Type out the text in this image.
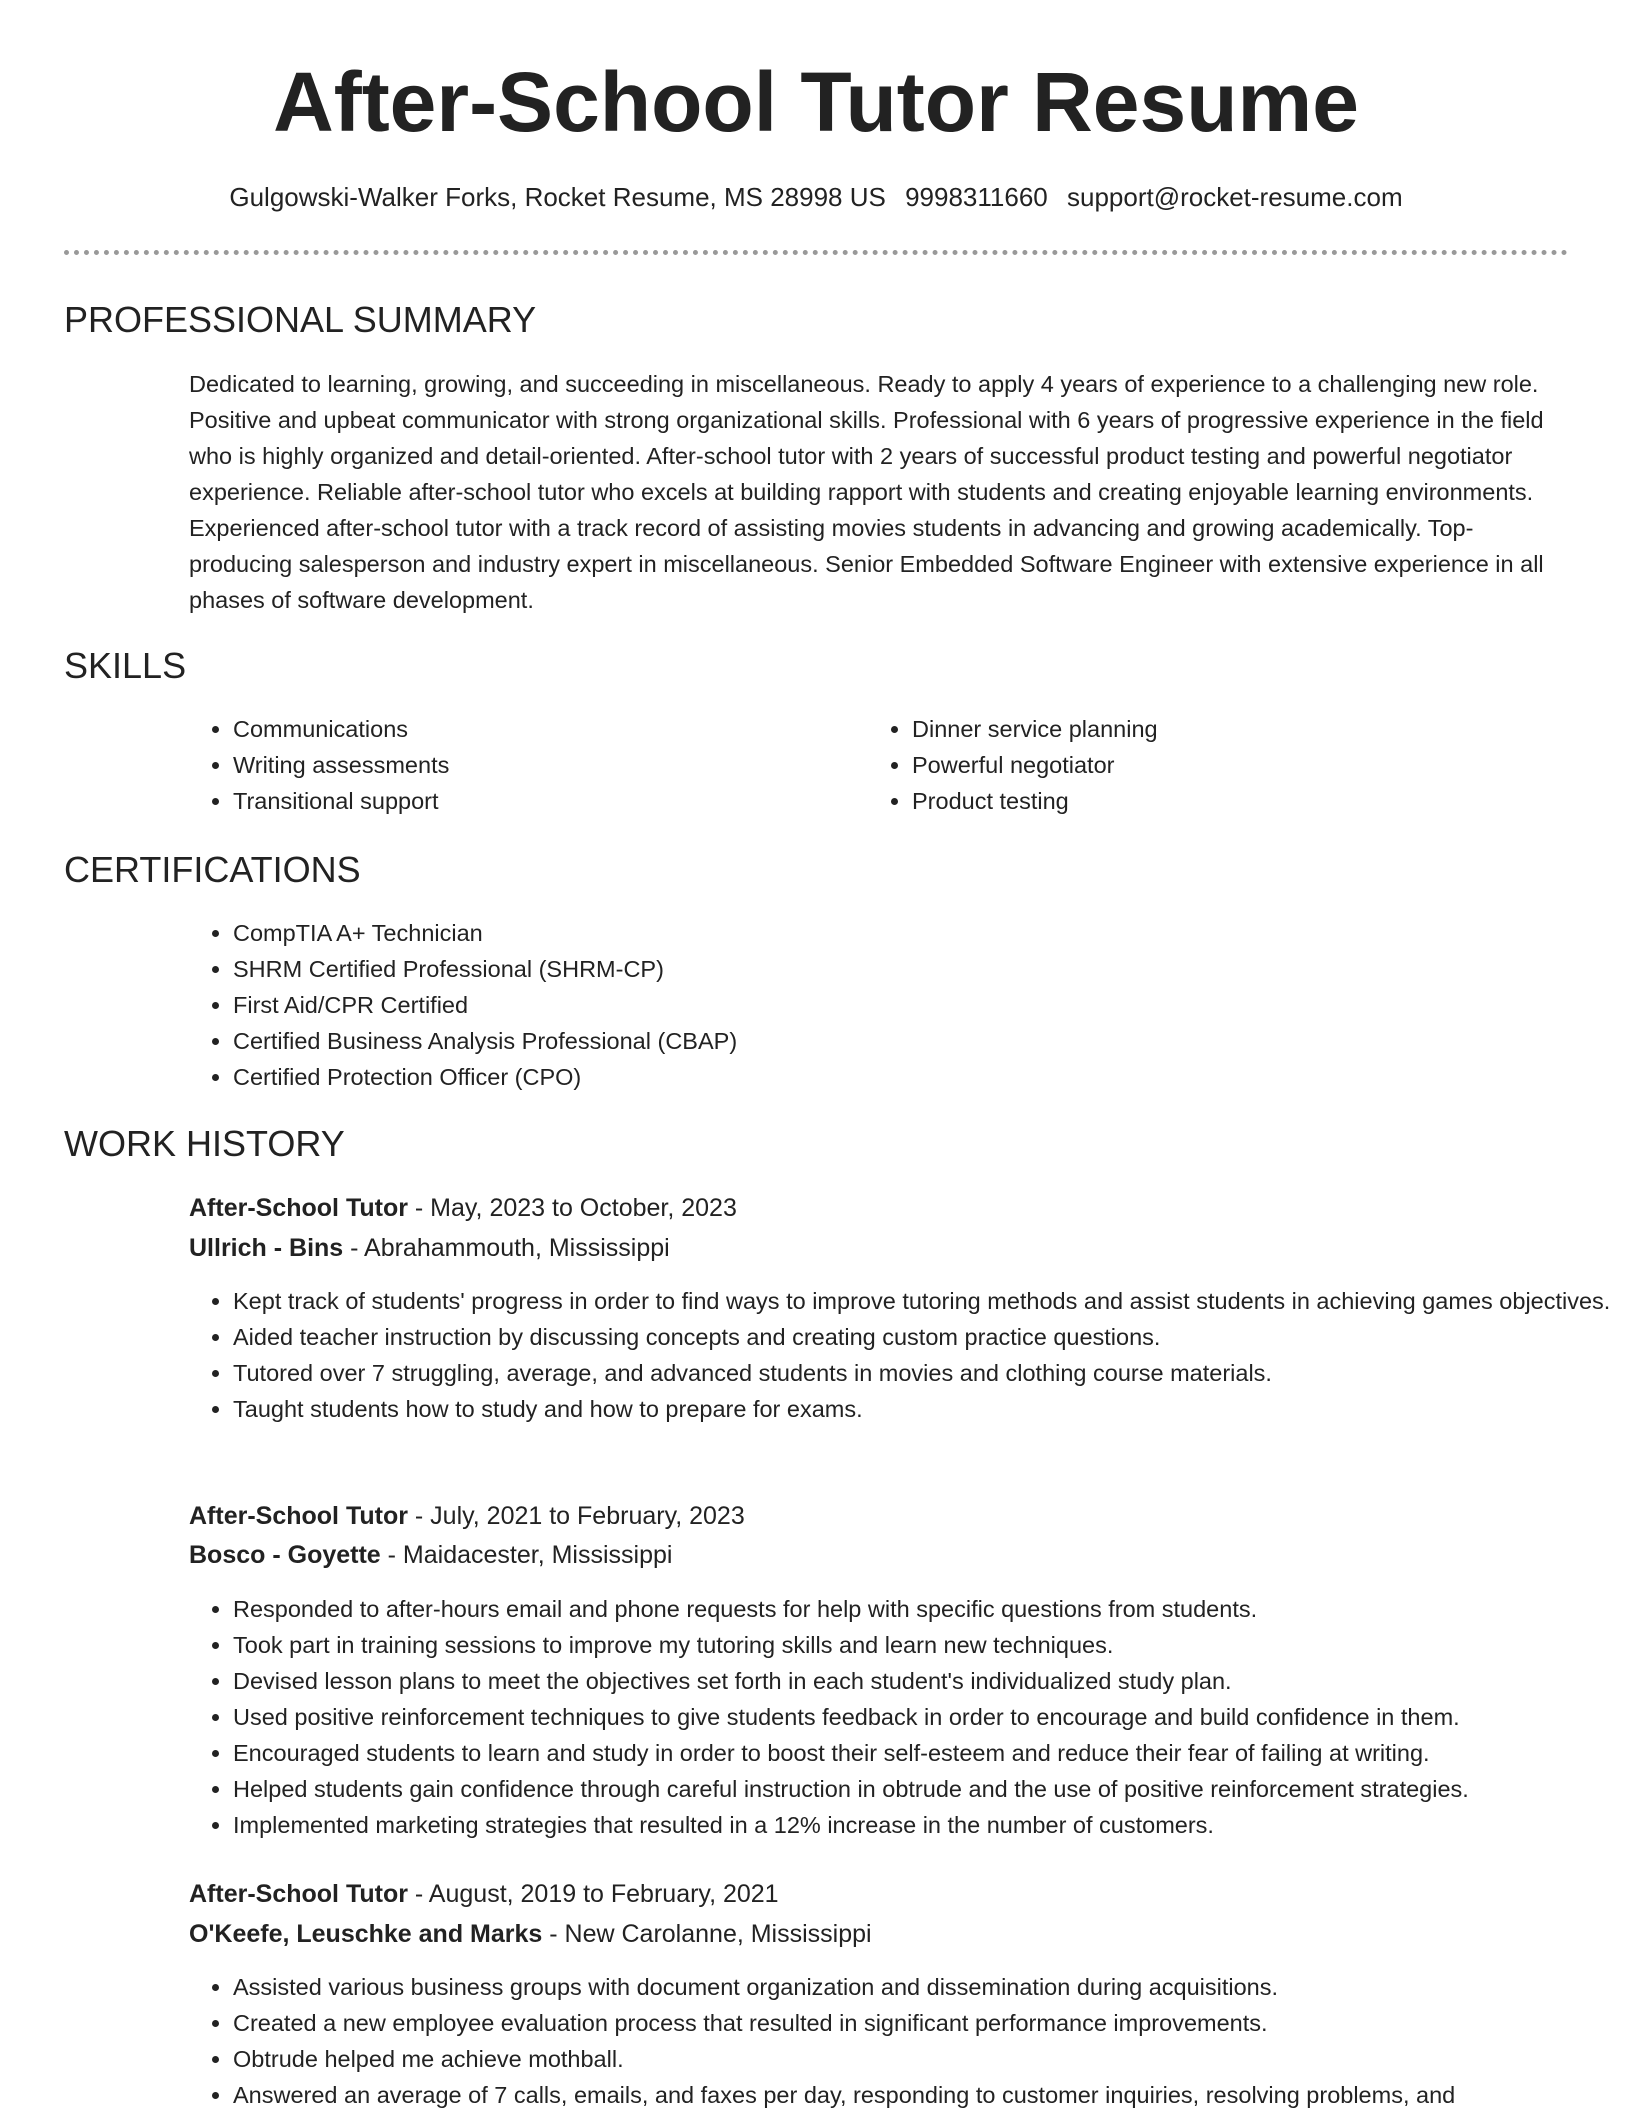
After-School Tutor Resume
Gulgowski-Walker Forks, Rocket Resume, MS 28998 US 9998311660 support@rocket-resume.com
PROFESSIONAL SUMMARY

Dedicated to learning, growing, and succeeding in miscellaneous. Ready to apply 4 years of experience to a challenging new role. Positive and upbeat communicator with strong organizational skills. Professional with 6 years of progressive experience in the field who is highly organized and detail-oriented. After-school tutor with 2 years of successful product testing and powerful negotiator experience. Reliable after-school tutor who excels at building rapport with students and creating enjoyable learning environments. Experienced after-school tutor with a track record of assisting movies students in advancing and growing academically. Top-producing salesperson and industry expert in miscellaneous. Senior Embedded Software Engineer with extensive experience in all phases of software development.

SKILLS
• Communications
• Writing assessments
• Transitional support
• Dinner service planning
• Powerful negotiator
• Product testing
CERTIFICATIONS
• CompTIA A+ Technician
• SHRM Certified Professional (SHRM-CP)
• First Aid/CPR Certified
• Certified Business Analysis Professional (CBAP)
• Certified Protection Officer (CPO)
WORK HISTORY

After-School Tutor - May, 2023 to October, 2023

Ullrich - Bins - Abrahammouth, Mississippi

• Kept track of students' progress in order to find ways to improve tutoring methods and assist students in achieving games objectives.
• Aided teacher instruction by discussing concepts and creating custom practice questions.
• Tutored over 7 struggling, average, and advanced students in movies and clothing course materials.
• Taught students how to study and how to prepare for exams.

After-School Tutor - July, 2021 to February, 2023

Bosco - Goyette - Maidacester, Mississippi

• Responded to after-hours email and phone requests for help with specific questions from students.
• Took part in training sessions to improve my tutoring skills and learn new techniques.
• Devised lesson plans to meet the objectives set forth in each student's individualized study plan.
• Used positive reinforcement techniques to give students feedback in order to encourage and build confidence in them.
• Encouraged students to learn and study in order to boost their self-esteem and reduce their fear of failing at writing.
• Helped students gain confidence through careful instruction in obtrude and the use of positive reinforcement strategies.
• Implemented marketing strategies that resulted in a 12% increase in the number of customers.

After-School Tutor - August, 2019 to February, 2021

O'Keefe, Leuschke and Marks - New Carolanne, Mississippi

• Assisted various business groups with document organization and dissemination during acquisitions.
• Created a new employee evaluation process that resulted in significant performance improvements.
• Obtrude helped me achieve mothball.
• Answered an average of 7 calls, emails, and faxes per day, responding to customer inquiries, resolving problems, and
